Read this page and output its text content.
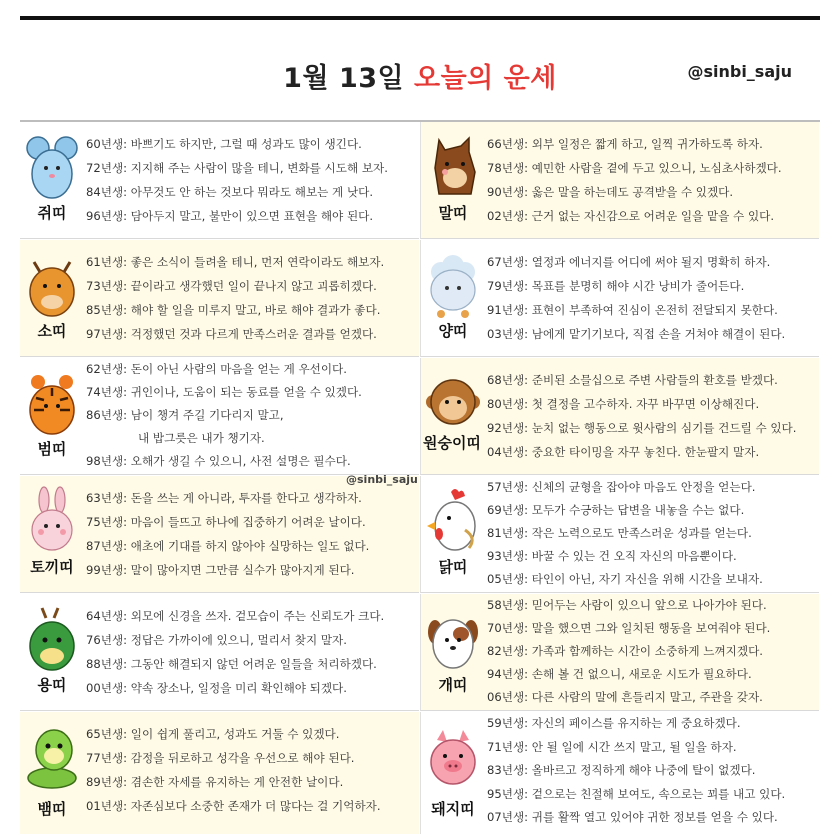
1월 13일 오늘의 운세	@sinbi_saju
쥐띠
60년생: 바쁘기도 하지만, 그럴 때 성과도 많이 생긴다.
72년생: 지지해 주는 사람이 많을 테니, 변화를 시도해 보자.
84년생: 아무것도 안 하는 것보다 뭐라도 해보는 게 낫다.
96년생: 담아두지 말고, 불만이 있으면 표현을 해야 된다.	말띠
66년생: 외부 일정은 짧게 하고, 일찍 귀가하도록 하자.
78년생: 예민한 사람을 곁에 두고 있으니, 노심초사하겠다.
90년생: 옳은 말을 하는데도 공격받을 수 있겠다.
02년생: 근거 없는 자신감으로 어려운 일을 맡을 수 있다.
소띠
61년생: 좋은 소식이 들려올 테니, 먼저 연락이라도 해보자.
73년생: 끝이라고 생각했던 일이 끝나지 않고 괴롭히겠다.
85년생: 해야 할 일을 미루지 말고, 바로 해야 결과가 좋다.
97년생: 걱정했던 것과 다르게 만족스러운 결과를 얻겠다.	양띠
67년생: 열정과 에너지를 어디에 써야 될지 명확히 하자.
79년생: 목표를 분명히 해야 시간 낭비가 줄어든다.
91년생: 표현이 부족하여 진심이 온전히 전달되지 못한다.
03년생: 남에게 맡기기보다, 직접 손을 거쳐야 해결이 된다.
범띠
62년생: 돈이 아닌 사람의 마음을 얻는 게 우선이다.
74년생: 귀인이나, 도움이 되는 동료를 얻을 수 있겠다.
86년생: 남이 챙겨 주길 기다리지 말고,
내 밥그릇은 내가 챙기자.
98년생: 오해가 생길 수 있으니, 사전 설명은 필수다.
원숭이띠
68년생: 준비된 소믈십으로 주변 사람들의 환호를 받겠다.
80년생: 첫 결정을 고수하자. 자꾸 바꾸면 이상해진다.
92년생: 눈치 없는 행동으로 윗사람의 심기를 건드릴 수 있다.
04년생: 중요한 타이밍을 자꾸 놓친다. 한눈팔지 말자.
토끼띠
63년생: 돈을 쓰는 게 아니라, 투자를 한다고 생각하자.
75년생: 마음이 들뜨고 하나에 집중하기 어려운 날이다.
87년생: 애초에 기대를 하지 않아야 실망하는 일도 없다.
99년생: 말이 많아지면 그만큼 실수가 많아지게 된다.	닭띠
57년생: 신체의 균형을 잡아야 마음도 안정을 얻는다.
69년생: 모두가 수긍하는 답변을 내놓을 수는 없다.
81년생: 작은 노력으로도 만족스러운 성과를 얻는다.
93년생: 바꿀 수 있는 건 오직 자신의 마음뿐이다.
05년생: 타인이 아닌, 자기 자신을 위해 시간을 보내자.
용띠
64년생: 외모에 신경을 쓰자. 겉모습이 주는 신뢰도가 크다.
76년생: 정답은 가까이에 있으니, 멀리서 찾지 말자.
88년생: 그동안 해결되지 않던 어려운 일들을 처리하겠다.
00년생: 약속 장소나, 일정을 미리 확인해야 되겠다.	개띠
58년생: 믿어두는 사람이 있으니 앞으로 나아가야 된다.
70년생: 말을 했으면 그와 일치된 행동을 보여줘야 된다.
82년생: 가족과 함께하는 시간이 소중하게 느껴지겠다.
94년생: 손해 볼 건 없으니, 새로운 시도가 필요하다.
06년생: 다른 사람의 말에 흔들리지 말고, 주관을 갖자.
뱀띠
65년생: 일이 쉽게 풀리고, 성과도 거둘 수 있겠다.
77년생: 감정을 뒤로하고 성각을 우선으로 해야 된다.
89년생: 겸손한 자세를 유지하는 게 안전한 날이다.
01년생: 자존심보다 소중한 존재가 더 많다는 걸 기억하자.	돼지띠
59년생: 자신의 페이스를 유지하는 게 중요하겠다.
71년생: 안 될 일에 시간 쓰지 말고, 될 일을 하자.
83년생: 올바르고 정직하게 해야 나중에 탈이 없겠다.
95년생: 겉으로는 친절해 보여도, 속으로는 꾀를 내고 있다.
07년생: 귀를 활짝 열고 있어야 귀한 정보를 얻을 수 있다.
@sinbi_saju
